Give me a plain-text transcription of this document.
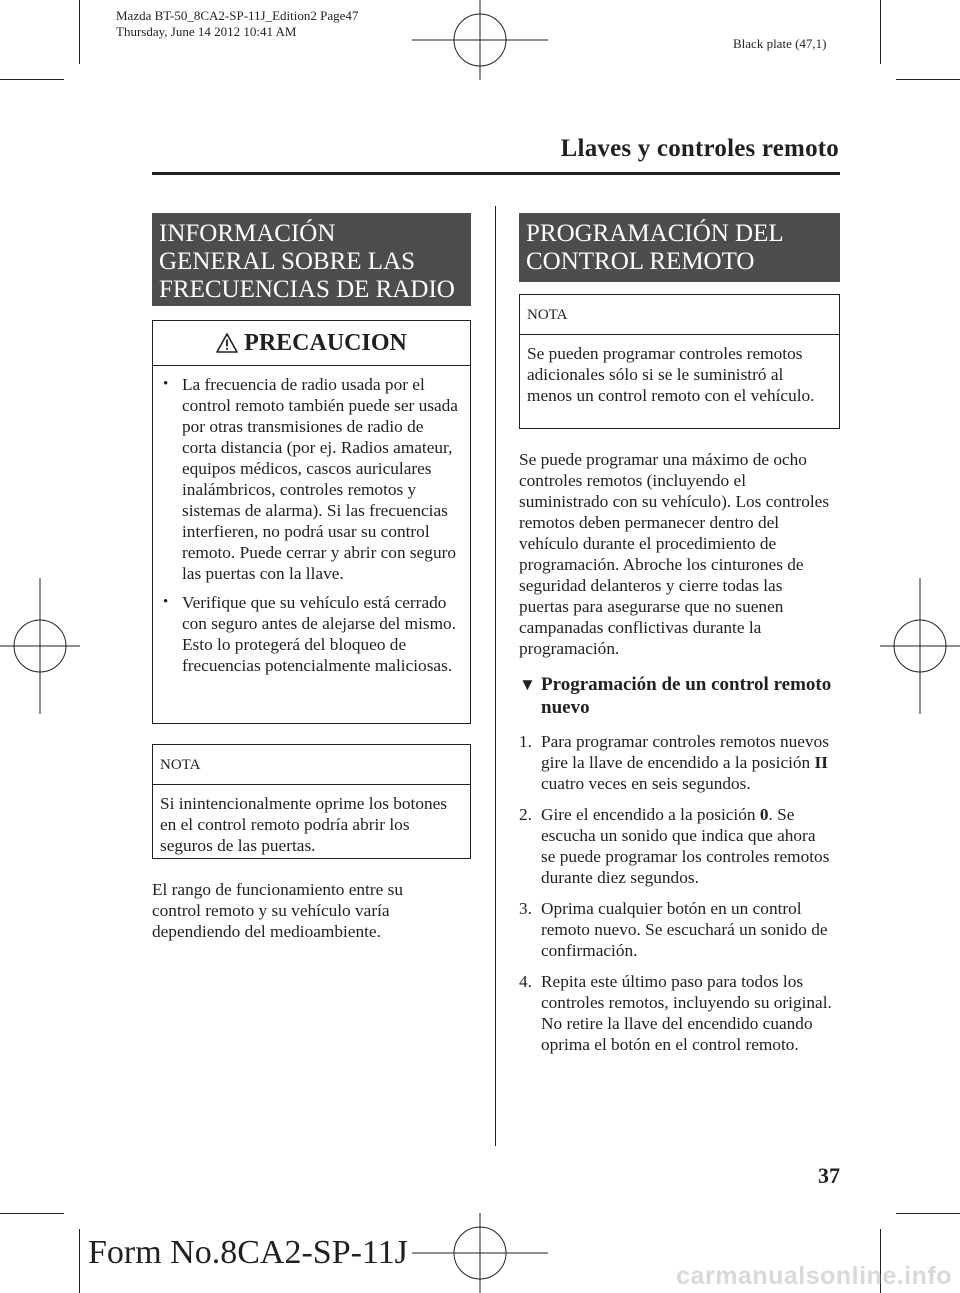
Mazda BT-50_8CA2-SP-11J_Edition2 Page47
Thursday, June 14 2012 10:41 AM
Black plate (47,1)
Llaves y controles remoto
INFORMACIÓN
GENERAL SOBRE LAS
FRECUENCIAS DE RADIO
PRECAUCION
• La frecuencia de radio usada por el control remoto también puede ser usada por otras transmisiones de radio de corta distancia (por ej. Radios amateur, equipos médicos, cascos auriculares inalámbricos, controles remotos y sistemas de alarma). Si las frecuencias interfieren, no podrá usar su control remoto. Puede cerrar y abrir con seguro las puertas con la llave.
• Verifique que su vehículo está cerrado con seguro antes de alejarse del mismo. Esto lo protegerá del bloqueo de frecuencias potencialmente maliciosas.
NOTA
Si inintencionalmente oprime los botones en el control remoto podría abrir los seguros de las puertas.

El rango de funcionamiento entre su control remoto y su vehículo varía dependiendo del medioambiente.

PROGRAMACIÓN DEL
CONTROL REMOTO
NOTA
Se pueden programar controles remotos adicionales sólo si se le suministró al menos un control remoto con el vehículo.

Se puede programar una máximo de ocho controles remotos (incluyendo el suministrado con su vehículo). Los controles remotos deben permanecer dentro del vehículo durante el procedimiento de programación. Abroche los cinturones de seguridad delanteros y cierre todas las puertas para asegurarse que no suenen campanadas conflictivas durante la programación.

▼ Programación de un control remoto nuevo
1. Para programar controles remotos nuevos gire la llave de encendido a la posición II cuatro veces en seis segundos.
2. Gire el encendido a la posición 0. Se escucha un sonido que indica que ahora se puede programar los controles remotos durante diez segundos.
3. Oprima cualquier botón en un control remoto nuevo. Se escuchará un sonido de confirmación.
4. Repita este último paso para todos los controles remotos, incluyendo su original. No retire la llave del encendido cuando oprima el botón en el control remoto.
37
Form No.8CA2-SP-11J
carmanualsonline.info
